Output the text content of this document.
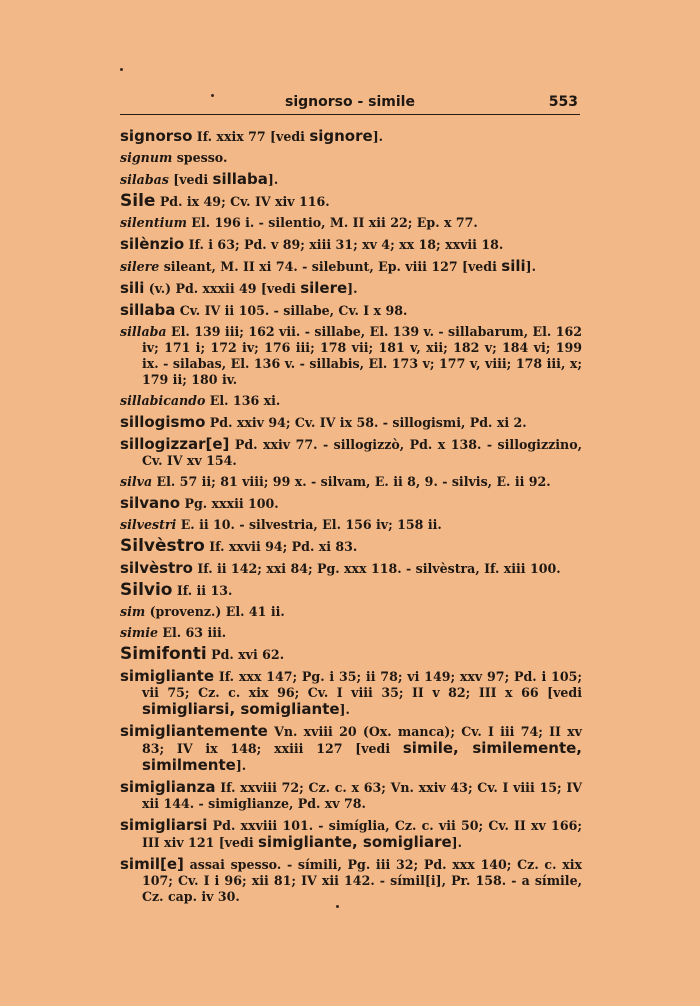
signorso - simile	553
signorso If. xxix 77 [vedi signore].
signum spesso.
silabas [vedi sillaba].
Sile Pd. ix 49; Cv. IV xiv 116.
silentium El. 196 i. - silentio, M. II xii 22; Ep. x 77.
silènzio If. i 63; Pd. v 89; xiii 31; xv 4; xx 18; xxvii 18.
silere sileant, M. II xi 74. - silebunt, Ep. viii 127 [vedi sili].
sili (v.) Pd. xxxii 49 [vedi silere].
sillaba Cv. IV ii 105. - sillabe, Cv. I x 98.
sillaba El. 139 iii; 162 vii. - sillabe, El. 139 v. - sillabarum, El. 162 iv; 171 i; 172 iv; 176 iii; 178 vii; 181 v, xii; 182 v; 184 vi; 199 ix. - silabas, El. 136 v. - sillabis, El. 173 v; 177 v, viii; 178 iii, x; 179 ii; 180 iv.
sillabicando El. 136 xi.
sillogismo Pd. xxiv 94; Cv. IV ix 58. - sillogismi, Pd. xi 2.
sillogizzar[e] Pd. xxiv 77. - sillogizzò, Pd. x 138. - sillogizzino, Cv. IV xv 154.
silva El. 57 ii; 81 viii; 99 x. - silvam, E. ii 8, 9. - silvis, E. ii 92.
silvano Pg. xxxii 100.
silvestri E. ii 10. - silvestria, El. 156 iv; 158 ii.
Silvèstro If. xxvii 94; Pd. xi 83.
silvèstro If. ii 142; xxi 84; Pg. xxx 118. - silvèstra, If. xiii 100.
Silvio If. ii 13.
sim (provenz.) El. 41 ii.
simie El. 63 iii.
Simifonti Pd. xvi 62.
simigliante If. xxx 147; Pg. i 35; ii 78; vi 149; xxv 97; Pd. i 105; vii 75; Cz. c. xix 96; Cv. I viii 35; II v 82; III x 66 [vedi simigliarsi, somigliante].
simigliantemente Vn. xviii 20 (Ox. manca); Cv. I iii 74; II xv 83; IV ix 148; xxiii 127 [vedi simile, similemente, similmente].
simiglianza If. xxviii 72; Cz. c. x 63; Vn. xxiv 43; Cv. I viii 15; IV xii 144. - simiglianze, Pd. xv 78.
simigliarsi Pd. xxviii 101. - simíglia, Cz. c. vii 50; Cv. II xv 166; III xiv 121 [vedi simigliante, somigliare].
simil[e] assai spesso. - símili, Pg. iii 32; Pd. xxx 140; Cz. c. xix 107; Cv. I i 96; xii 81; IV xii 142. - símil[i], Pr. 158. - a símile, Cz. cap. iv 30.
